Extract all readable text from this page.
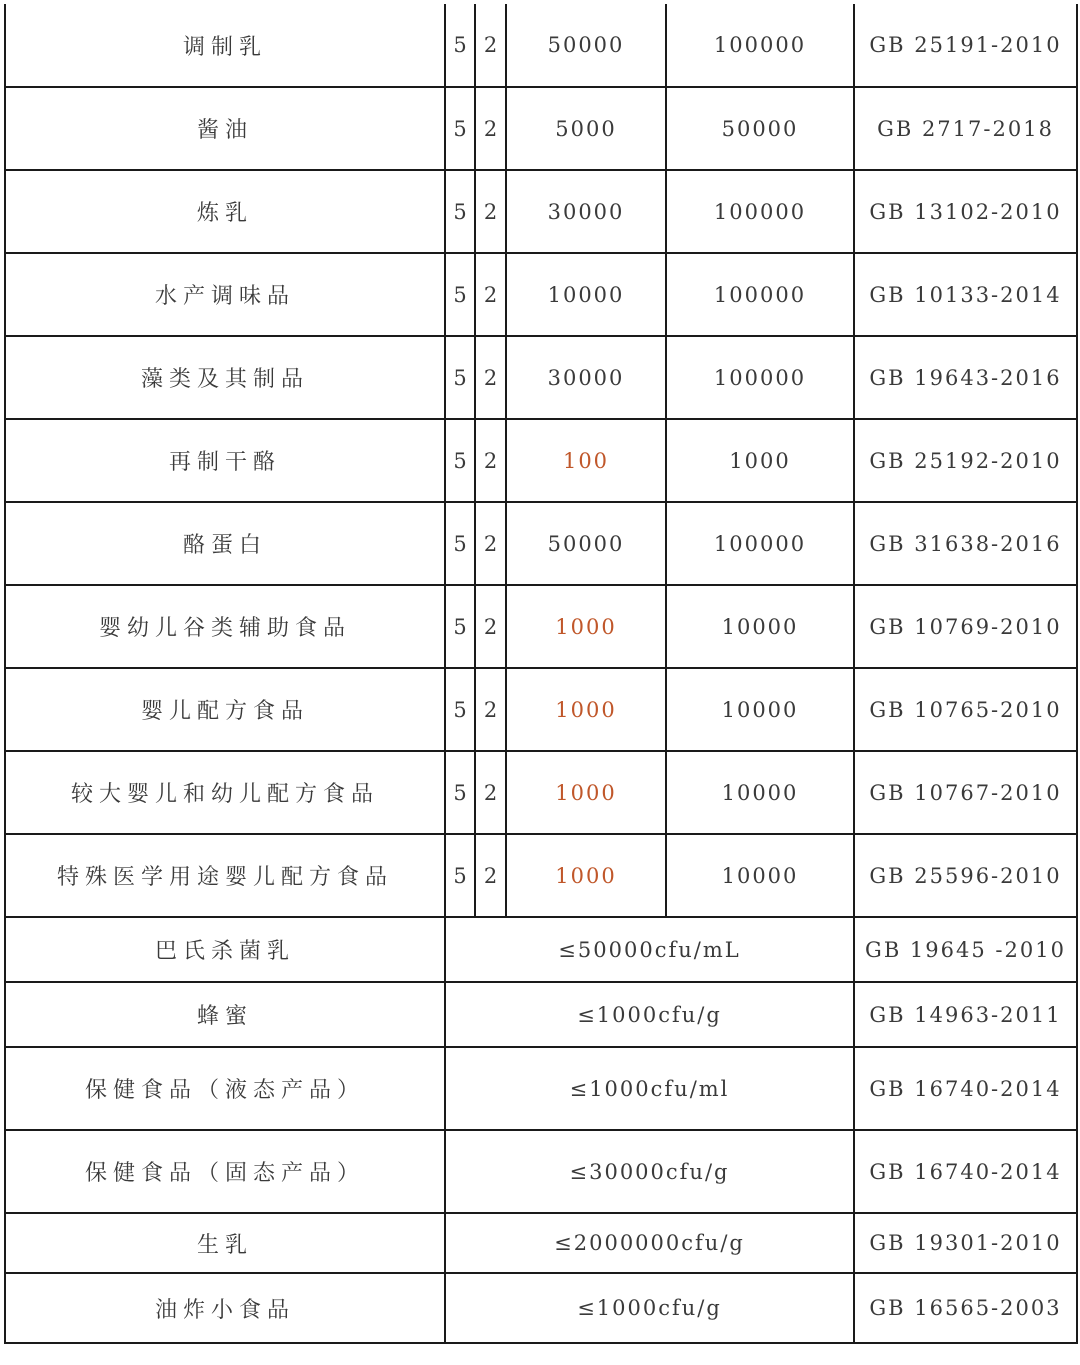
调制乳	5	2	50000	100000	GB 25191-2010
酱油	5	2	5000	50000	GB 2717-2018
炼乳	5	2	30000	100000	GB 13102-2010
水产调味品	5	2	10000	100000	GB 10133-2014
藻类及其制品	5	2	30000	100000	GB 19643-2016
再制干酪	5	2	100	1000	GB 25192-2010
酪蛋白	5	2	50000	100000	GB 31638-2016
婴幼儿谷类辅助食品	5	2	1000	10000	GB 10769-2010
婴儿配方食品	5	2	1000	10000	GB 10765-2010
较大婴儿和幼儿配方食品	5	2	1000	10000	GB 10767-2010
特殊医学用途婴儿配方食品	5	2	1000	10000	GB 25596-2010
巴氏杀菌乳	≤50000cfu/mL				GB 19645 -2010
蜂蜜	≤1000cfu/g				GB 14963-2011
保健食品（液态产品）	≤1000cfu/ml				GB 16740-2014
保健食品（固态产品）	≤30000cfu/g				GB 16740-2014
生乳	≤2000000cfu/g				GB 19301-2010
油炸小食品	≤1000cfu/g				GB 16565-2003
